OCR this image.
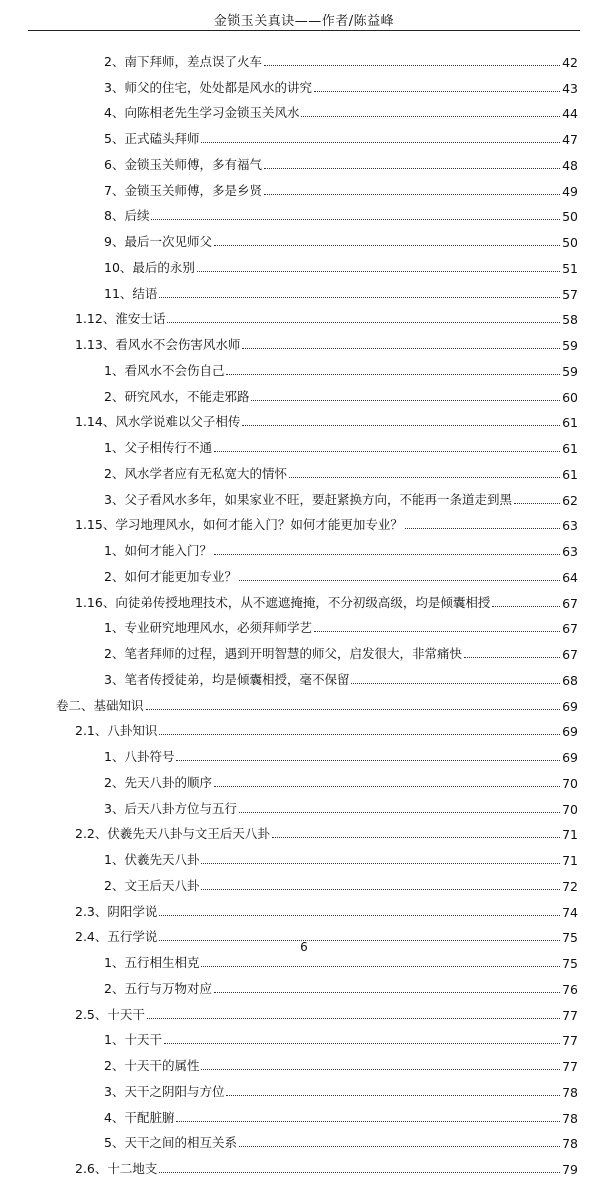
金锁玉关真诀——作者/陈益峰
2、南下拜师，差点误了火车	42
3、师父的住宅，处处都是风水的讲究	43
4、向陈相老先生学习金锁玉关风水	44
5、正式磕头拜师	47
6、金锁玉关师傅，多有福气	48
7、金锁玉关师傅，多是乡贤	49
8、后续	50
9、最后一次见师父	50
10、最后的永别	51
11、结语	57
1.12、淮安士话	58
1.13、看风水不会伤害风水师	59
1、看风水不会伤自己	59
2、研究风水，不能走邪路	60
1.14、风水学说难以父子相传	61
1、父子相传行不通	61
2、风水学者应有无私宽大的情怀	61
3、父子看风水多年，如果家业不旺，要赶紧换方向，不能再一条道走到黑	62
1.15、学习地理风水，如何才能入门？如何才能更加专业？	63
1、如何才能入门？	63
2、如何才能更加专业？	64
1.16、向徒弟传授地理技术，从不遮遮掩掩，不分初级高级，均是倾囊相授	67
1、专业研究地理风水，必须拜师学艺	67
2、笔者拜师的过程，遇到开明智慧的师父，启发很大，非常痛快	67
3、笔者传授徒弟，均是倾囊相授，毫不保留	68
卷二、基础知识	69
2.1、八卦知识	69
1、八卦符号	69
2、先天八卦的顺序	70
3、后天八卦方位与五行	70
2.2、伏羲先天八卦与文王后天八卦	71
1、伏羲先天八卦	71
2、文王后天八卦	72
2.3、阴阳学说	74
2.4、五行学说	75
1、五行相生相克	75
2、五行与万物对应	76
2.5、十天干	77
1、十天干	77
2、十天干的属性	77
3、天干之阴阳与方位	78
4、干配脏腑	78
5、天干之间的相互关系	78
2.6、十二地支	79
6
